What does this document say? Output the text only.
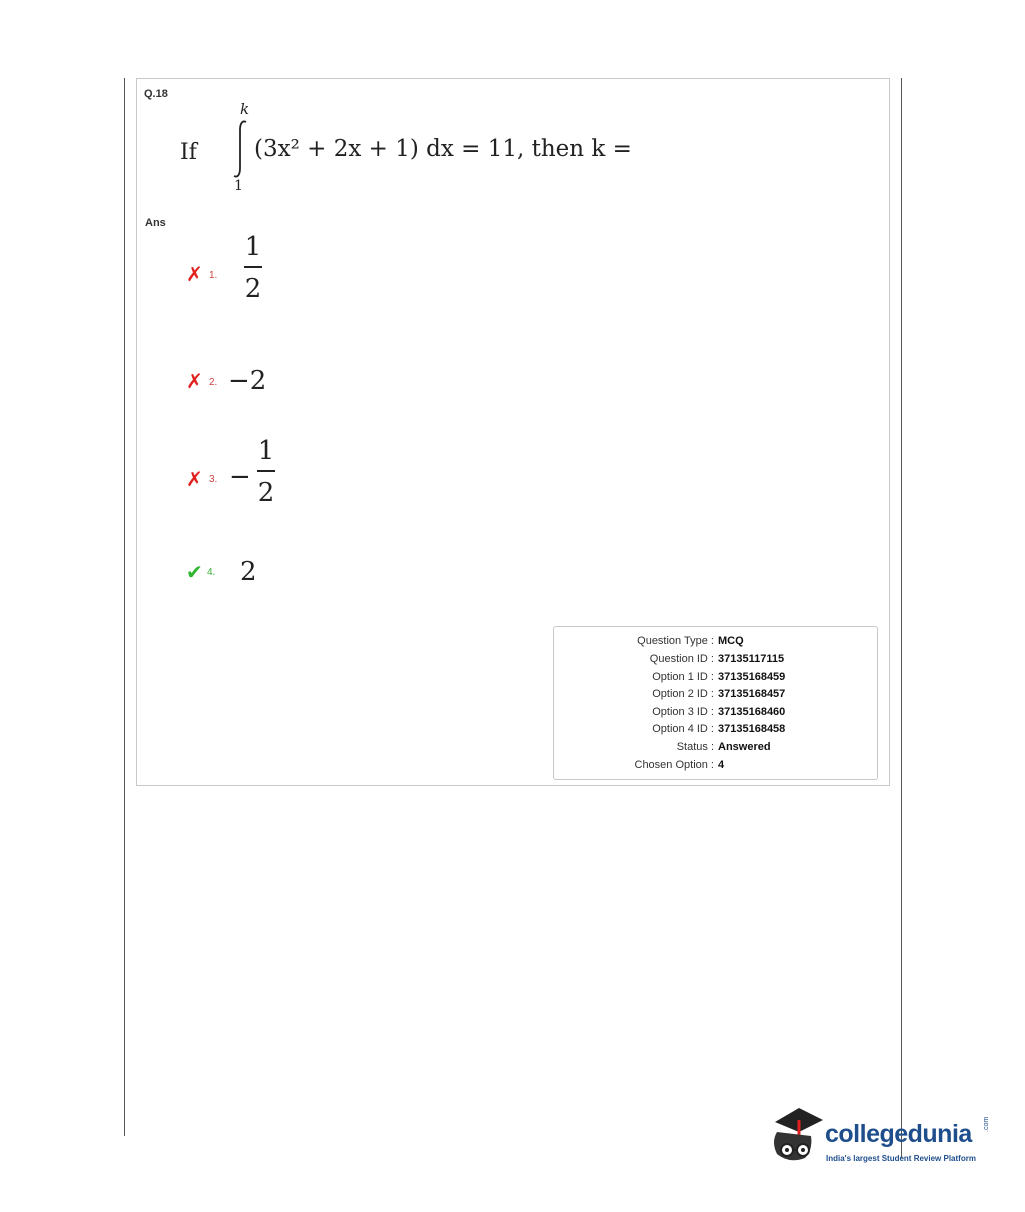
Q.18
If
k
1
(3x² + 2x + 1) dx = 11, then k =
Ans
✗ 1.
1
2
✗ 2. −2
✗ 3. −
1
2
✔ 4. 2
Question Type : MCQ
Question ID : 37135117115
Option 1 ID : 37135168459
Option 2 ID : 37135168457
Option 3 ID : 37135168460
Option 4 ID : 37135168458
Status : Answered
Chosen Option : 4
collegedunia .com
India's largest Student Review Platform
